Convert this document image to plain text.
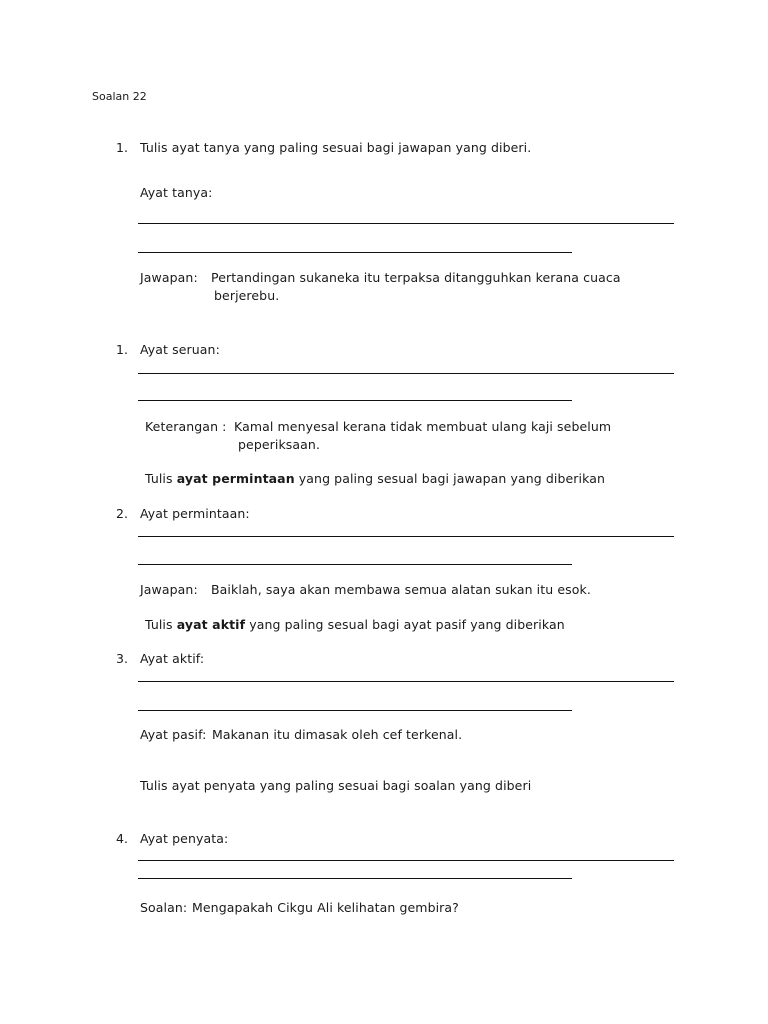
Soalan 22
1. Tulis ayat tanya yang paling sesuai bagi jawapan yang diberi.
Ayat tanya:
Jawapan: Pertandingan sukaneka itu terpaksa ditangguhkan kerana cuaca
berjerebu.
1. Ayat seruan:
Keterangan : Kamal menyesal kerana tidak membuat ulang kaji sebelum
peperiksaan.
Tulis ayat permintaan yang paling sesual bagi jawapan yang diberikan
2. Ayat permintaan:
Jawapan: Baiklah, saya akan membawa semua alatan sukan itu esok.
Tulis ayat aktif yang paling sesual bagi ayat pasif yang diberikan
3. Ayat aktif:
Ayat pasif: Makanan itu dimasak oleh cef terkenal.
Tulis ayat penyata yang paling sesuai bagi soalan yang diberi
4. Ayat penyata:
Soalan: Mengapakah Cikgu Ali kelihatan gembira?
